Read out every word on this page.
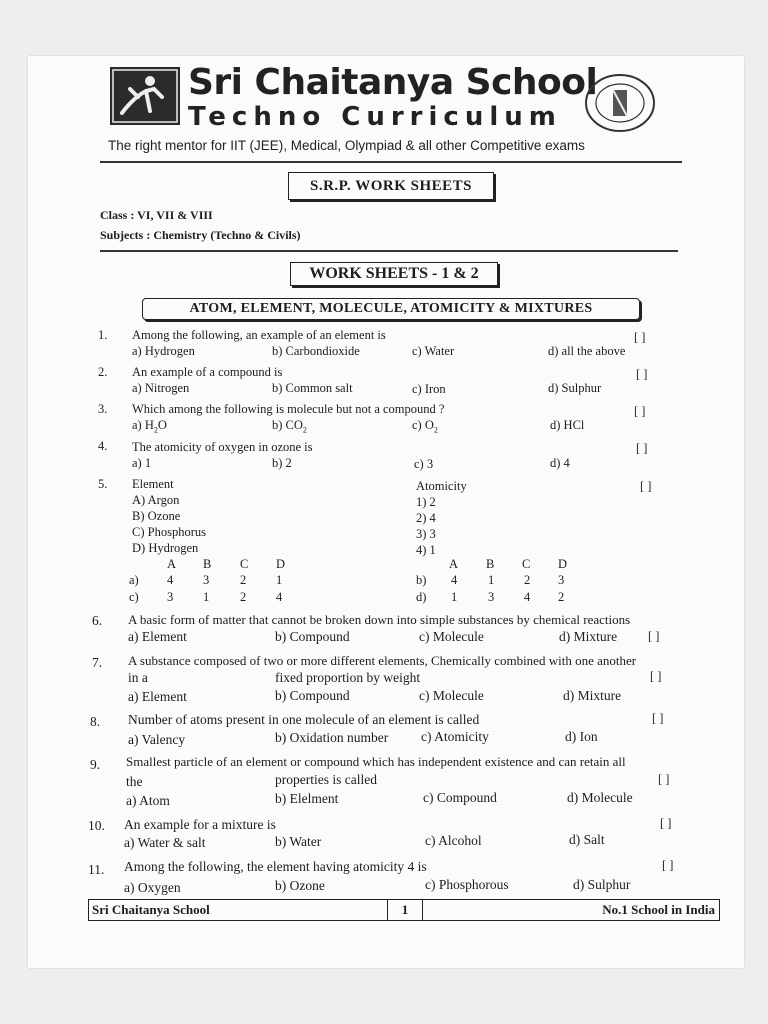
Sri Chaitanya School
Techno Curriculum
The right mentor for IIT (JEE), Medical, Olympiad & all other Competitive exams
S.R.P. WORK SHEETS
Class : VI, VII & VIII
Subjects : Chemistry (Techno & Civils)
WORK SHEETS - 1 & 2
ATOM, ELEMENT, MOLECULE, ATOMICITY & MIXTURES
1. Among the following, an example of an element is
a) Hydrogen	b) Carbondioxide	c) Water	d) all the above
[ ]
2. An example of a compound is
a) Nitrogen	b) Common salt	c) Iron	d) Sulphur
[ ]
3. Which among the following is molecule but not a compound ?
a) $H_2O$	b) $CO_2$	c) $O_2$	d) HCl
[ ]
4. The atomicity of oxygen in ozone is
a) 1	b) 2	c) 3	d) 4
[ ]
5. Element	Atomicity	[ ]
A) Argon
B) Ozone
C) Phosphorus
D) Hydrogen
1) 2
2) 4
3) 3
4) 1
A B C D	A B C D
a) 4 3 2 1	b) 4 1 2 3
c) 3 1 2 4	d) 1 3 4 2
6. A basic form of matter that cannot be broken down into simple substances by chemical reactions
a) Element	b) Compound	c) Molecule	d) Mixture [ ]
7. A substance composed of two or more different elements, Chemically combined with one another
in a	fixed proportion by weight
a) Element	b) Compound	c) Molecule	d) Mixture
[ ]
8. Number of atoms present in one molecule of an element is called
a) Valency	b) Oxidation number c) Atomicity	d) Ion
[ ]
9. Smallest particle of an element or compound which has independent existence and can retain all
the	properties is called
a) Atom	b) Elelment	c) Compound	d) Molecule
[ ]
10. An example for a mixture is
a) Water & salt	b) Water	c) Alcohol	d) Salt
[ ]
11. Among the following, the element having atomicity 4 is
a) Oxygen	b) Ozone	c) Phosphorous	d) Sulphur
[ ]
Sri Chaitanya School	1	No.1 School in India
